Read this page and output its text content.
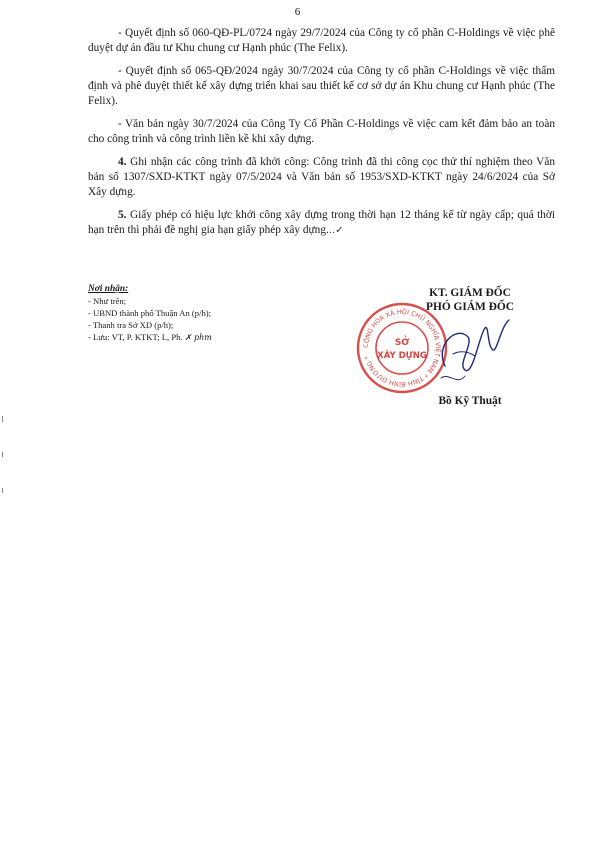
6

- Quyết định số 060-QĐ-PL/0724 ngày 29/7/2024 của Công ty cổ phần C-Holdings về việc phê duyệt dự án đầu tư Khu chung cư Hạnh phúc (The Felix).

- Quyết định số 065-QĐ/2024 ngày 30/7/2024 của Công ty cổ phần C-Holdings về việc thẩm định và phê duyệt thiết kế xây dựng triển khai sau thiết kế cơ sở dự án Khu chung cư Hạnh phúc (The Felix).

- Văn bản ngày 30/7/2024 của Công Ty Cổ Phần C-Holdings về việc cam kết đảm bảo an toàn cho công trình và công trình liền kề khi xây dựng.

4. Ghi nhận các công trình đã khởi công: Công trình đã thi công cọc thử thí nghiệm theo Văn bản số 1307/SXD-KTKT ngày 07/5/2024 và Văn bản số 1953/SXD-KTKT ngày 24/6/2024 của Sở Xây dựng.

5. Giấy phép có hiệu lực khởi công xây dựng trong thời hạn 12 tháng kể từ ngày cấp; quá thời hạn trên thì phải đề nghị gia hạn giấy phép xây dựng...✓

Nơi nhận:
- Như trên;
- UBND thành phố Thuận An (p/h);
- Thanh tra Sở XD (p/h);
- Lưu: VT, P. KTKT; L, Ph. ✗ phm
KT. GIÁM ĐỐC
PHÓ GIÁM ĐỐC
CỘNG HÒA XÃ HỘI CHỦ NGHĨA VIỆT NAM * TỈNH BÌNH DƯƠNG *
SỞ
XÂY DỰNG
Bồ Kỹ Thuật
